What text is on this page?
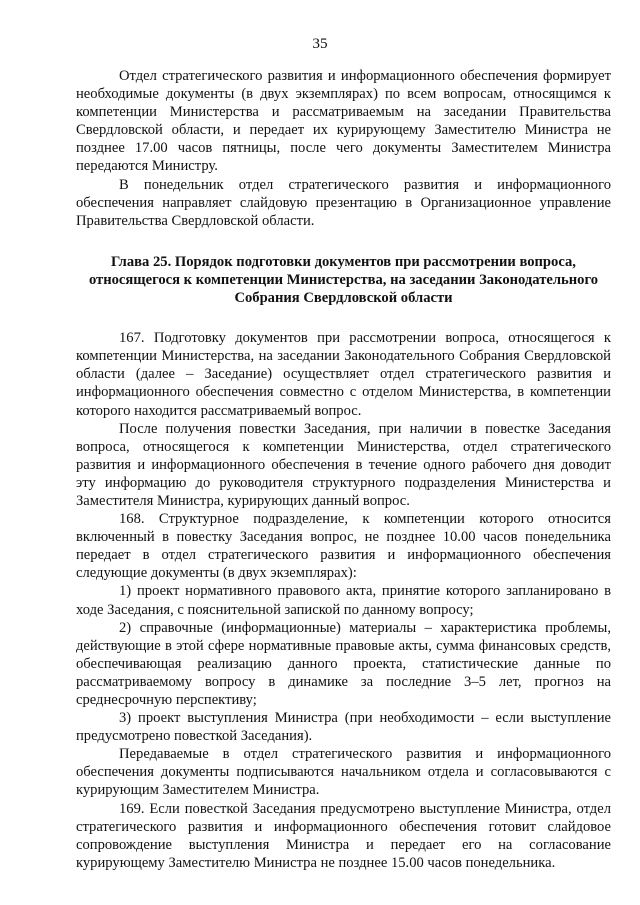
35

Отдел стратегического развития и информационного обеспечения формирует необходимые документы (в двух экземплярах) по всем вопросам, относящимся к компетенции Министерства и рассматриваемым на заседании Правительства Свердловской области, и передает их курирующему Заместителю Министра не позднее 17.00 часов пятницы, после чего документы Заместителем Министра передаются Министру.

В понедельник отдел стратегического развития и информационного обеспечения направляет слайдовую презентацию в Организационное управление Правительства Свердловской области.

Глава 25. Порядок подготовки документов при рассмотрении вопроса, относящегося к компетенции Министерства, на заседании Законодательного Собрания Свердловской области

167. Подготовку документов при рассмотрении вопроса, относящегося к компетенции Министерства, на заседании Законодательного Собрания Свердловской области (далее – Заседание) осуществляет отдел стратегического развития и информационного обеспечения совместно с отделом Министерства, в компетенции которого находится рассматриваемый вопрос.

После получения повестки Заседания, при наличии в повестке Заседания вопроса, относящегося к компетенции Министерства, отдел стратегического развития и информационного обеспечения в течение одного рабочего дня доводит эту информацию до руководителя структурного подразделения Министерства и Заместителя Министра, курирующих данный вопрос.

168. Структурное подразделение, к компетенции которого относится включенный в повестку Заседания вопрос, не позднее 10.00 часов понедельника передает в отдел стратегического развития и информационного обеспечения следующие документы (в двух экземплярах):

1) проект нормативного правового акта, принятие которого запланировано в ходе Заседания, с пояснительной запиской по данному вопросу;

2) справочные (информационные) материалы – характеристика проблемы, действующие в этой сфере нормативные правовые акты, сумма финансовых средств, обеспечивающая реализацию данного проекта, статистические данные по рассматриваемому вопросу в динамике за последние 3–5 лет, прогноз на среднесрочную перспективу;

3) проект выступления Министра (при необходимости – если выступление предусмотрено повесткой Заседания).

Передаваемые в отдел стратегического развития и информационного обеспечения документы подписываются начальником отдела и согласовываются с курирующим Заместителем Министра.

169. Если повесткой Заседания предусмотрено выступление Министра, отдел стратегического развития и информационного обеспечения готовит слайдовое сопровождение выступления Министра и передает его на согласование курирующему Заместителю Министра не позднее 15.00 часов понедельника.
